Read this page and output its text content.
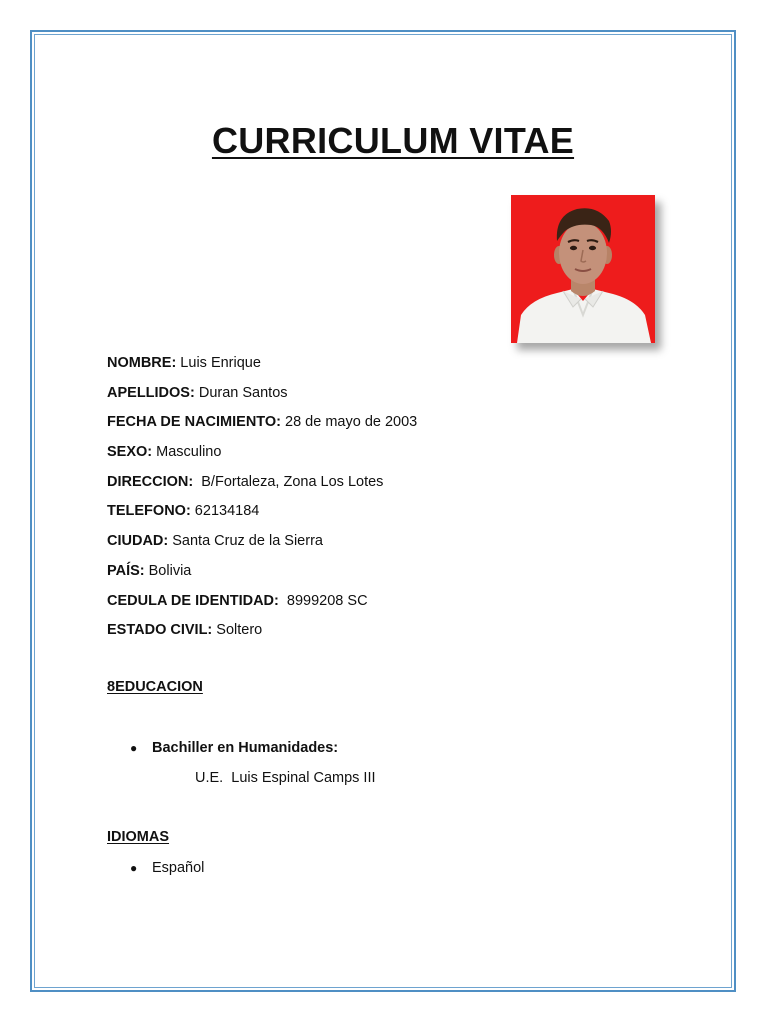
CURRICULUM VITAE
NOMBRE: Luis Enrique
APELLIDOS: Duran Santos
FECHA DE NACIMIENTO: 28 de mayo de 2003
SEXO: Masculino
DIRECCION:  B/Fortaleza, Zona Los Lotes
TELEFONO: 62134184
CIUDAD: Santa Cruz de la Sierra
PAÍS: Bolivia
CEDULA DE IDENTIDAD:  8999208 SC
ESTADO CIVIL: Soltero
8EDUCACION
● Bachiller en Humanidades:
U.E.  Luis Espinal Camps III
IDIOMAS
● Español
